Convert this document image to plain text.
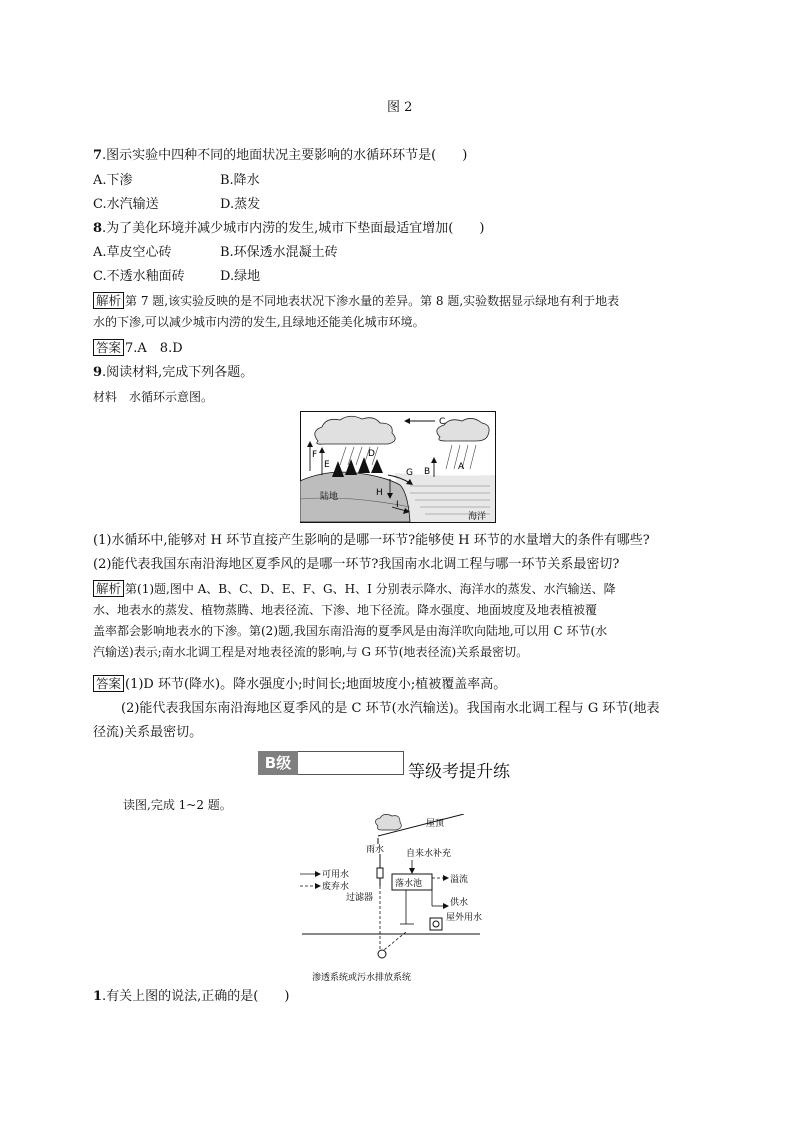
图 2
7.图示实验中四种不同的地面状况主要影响的水循环环节是(　　)
A.下渗	B.降水
C.水汽输送	D.蒸发
8.为了美化环境并减少城市内涝的发生,城市下垫面最适宜增加(　　)
A.草皮空心砖	B.环保透水混凝土砖
C.不透水釉面砖	D.绿地
解析 第 7 题,该实验反映的是不同地表状况下渗水量的差异。第 8 题,实验数据显示绿地有利于地表
水的下渗,可以减少城市内涝的发生,且绿地还能美化城市环境。
答案 7.A　8.D
9.阅读材料,完成下列各题。
材料　水循环示意图。
C
A
B
G
D
E
F
H
I
陆地
海洋
(1)水循环中,能够对 H 环节直接产生影响的是哪一环节?能够使 H 环节的水量增大的条件有哪些?
(2)能代表我国东南沿海地区夏季风的是哪一环节?我国南水北调工程与哪一环节关系最密切?
解析 第(1)题,图中 A、B、C、D、E、F、G、H、I 分别表示降水、海洋水的蒸发、水汽输送、降
水、地表水的蒸发、植物蒸腾、地表径流、下渗、地下径流。降水强度、地面坡度及地表植被覆
盖率都会影响地表水的下渗。第(2)题,我国东南沿海的夏季风是由海洋吹向陆地,可以用 C 环节(水
汽输送)表示;南水北调工程是对地表径流的影响,与 G 环节(地表径流)关系最密切。
答案 (1)D 环节(降水)。降水强度小;时间长;地面坡度小;植被覆盖率高。
(2)能代表我国东南沿海地区夏季风的是 C 环节(水汽输送)。我国南水北调工程与 G 环节(地表
径流)关系最密切。
B级	等级考提升练
读图,完成 1~2 题。
屋顶
雨水
落水池
自来水补充
溢流
供水
屋外用水
可用水
废弃水
过滤器
渗透系统或污水排放系统
1.有关上图的说法,正确的是(　　)
